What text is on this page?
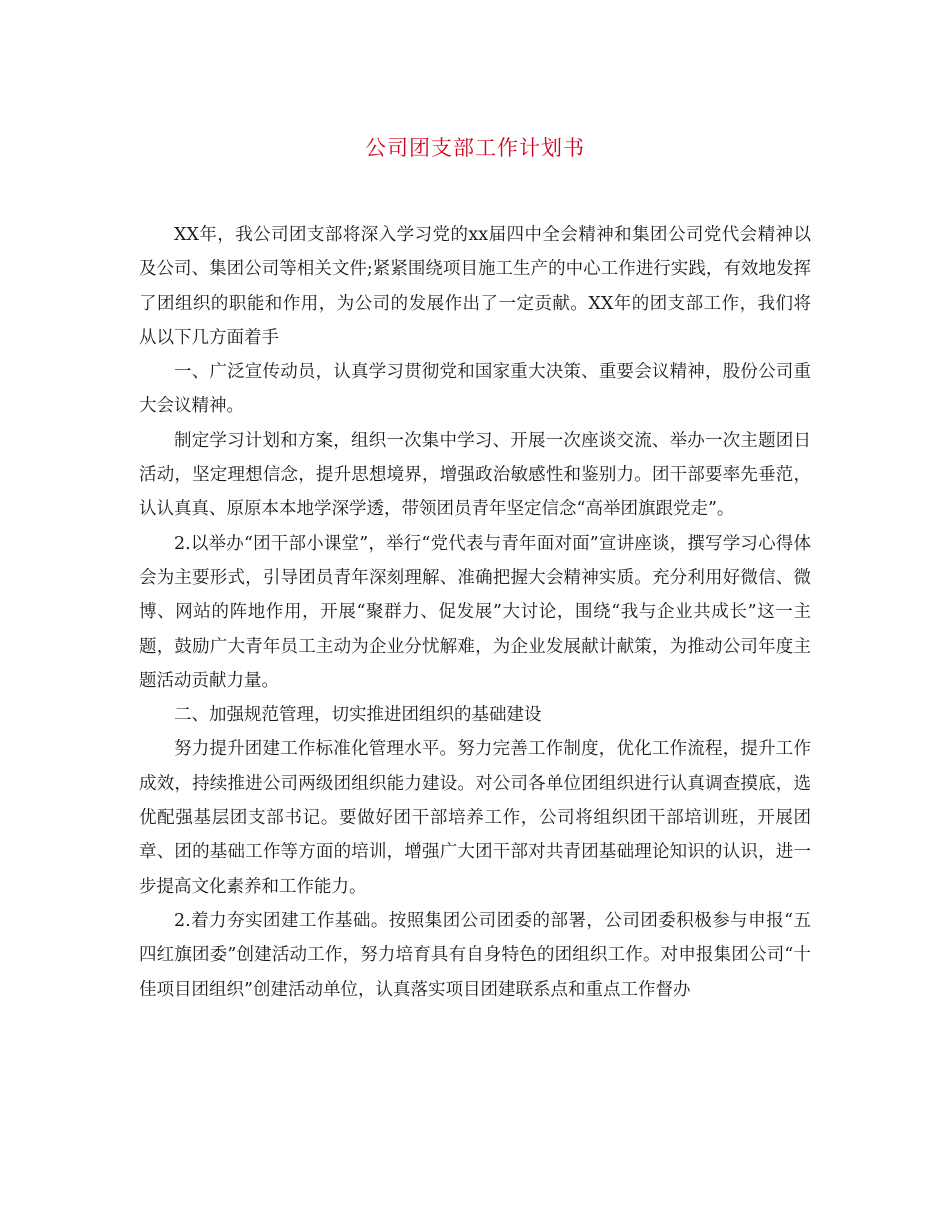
公司团支部工作计划书

XX年，我公司团支部将深入学习党的xx届四中全会精神和集团公司党代会精神以及公司、集团公司等相关文件;紧紧围绕项目施工生产的中心工作进行实践，有效地发挥了团组织的职能和作用，为公司的发展作出了一定贡献。XX年的团支部工作，我们将从以下几方面着手

一、广泛宣传动员，认真学习贯彻党和国家重大决策、重要会议精神，股份公司重大会议精神。

制定学习计划和方案，组织一次集中学习、开展一次座谈交流、举办一次主题团日活动，坚定理想信念，提升思想境界，增强政治敏感性和鉴别力。团干部要率先垂范，认认真真、原原本本地学深学透，带领团员青年坚定信念“高举团旗跟党走”。

2.以举办“团干部小课堂”，举行“党代表与青年面对面”宣讲座谈，撰写学习心得体会为主要形式，引导团员青年深刻理解、准确把握大会精神实质。充分利用好微信、微博、网站的阵地作用，开展“聚群力、促发展”大讨论，围绕“我与企业共成长”这一主题，鼓励广大青年员工主动为企业分忧解难，为企业发展献计献策，为推动公司年度主题活动贡献力量。

二、加强规范管理，切实推进团组织的基础建设

努力提升团建工作标准化管理水平。努力完善工作制度，优化工作流程，提升工作成效，持续推进公司两级团组织能力建设。对公司各单位团组织进行认真调查摸底，选优配强基层团支部书记。要做好团干部培养工作，公司将组织团干部培训班，开展团章、团的基础工作等方面的培训，增强广大团干部对共青团基础理论知识的认识，进一步提高文化素养和工作能力。

2.着力夯实团建工作基础。按照集团公司团委的部署，公司团委积极参与申报“五四红旗团委”创建活动工作，努力培育具有自身特色的团组织工作。对申报集团公司“十佳项目团组织”创建活动单位，认真落实项目团建联系点和重点工作督办
